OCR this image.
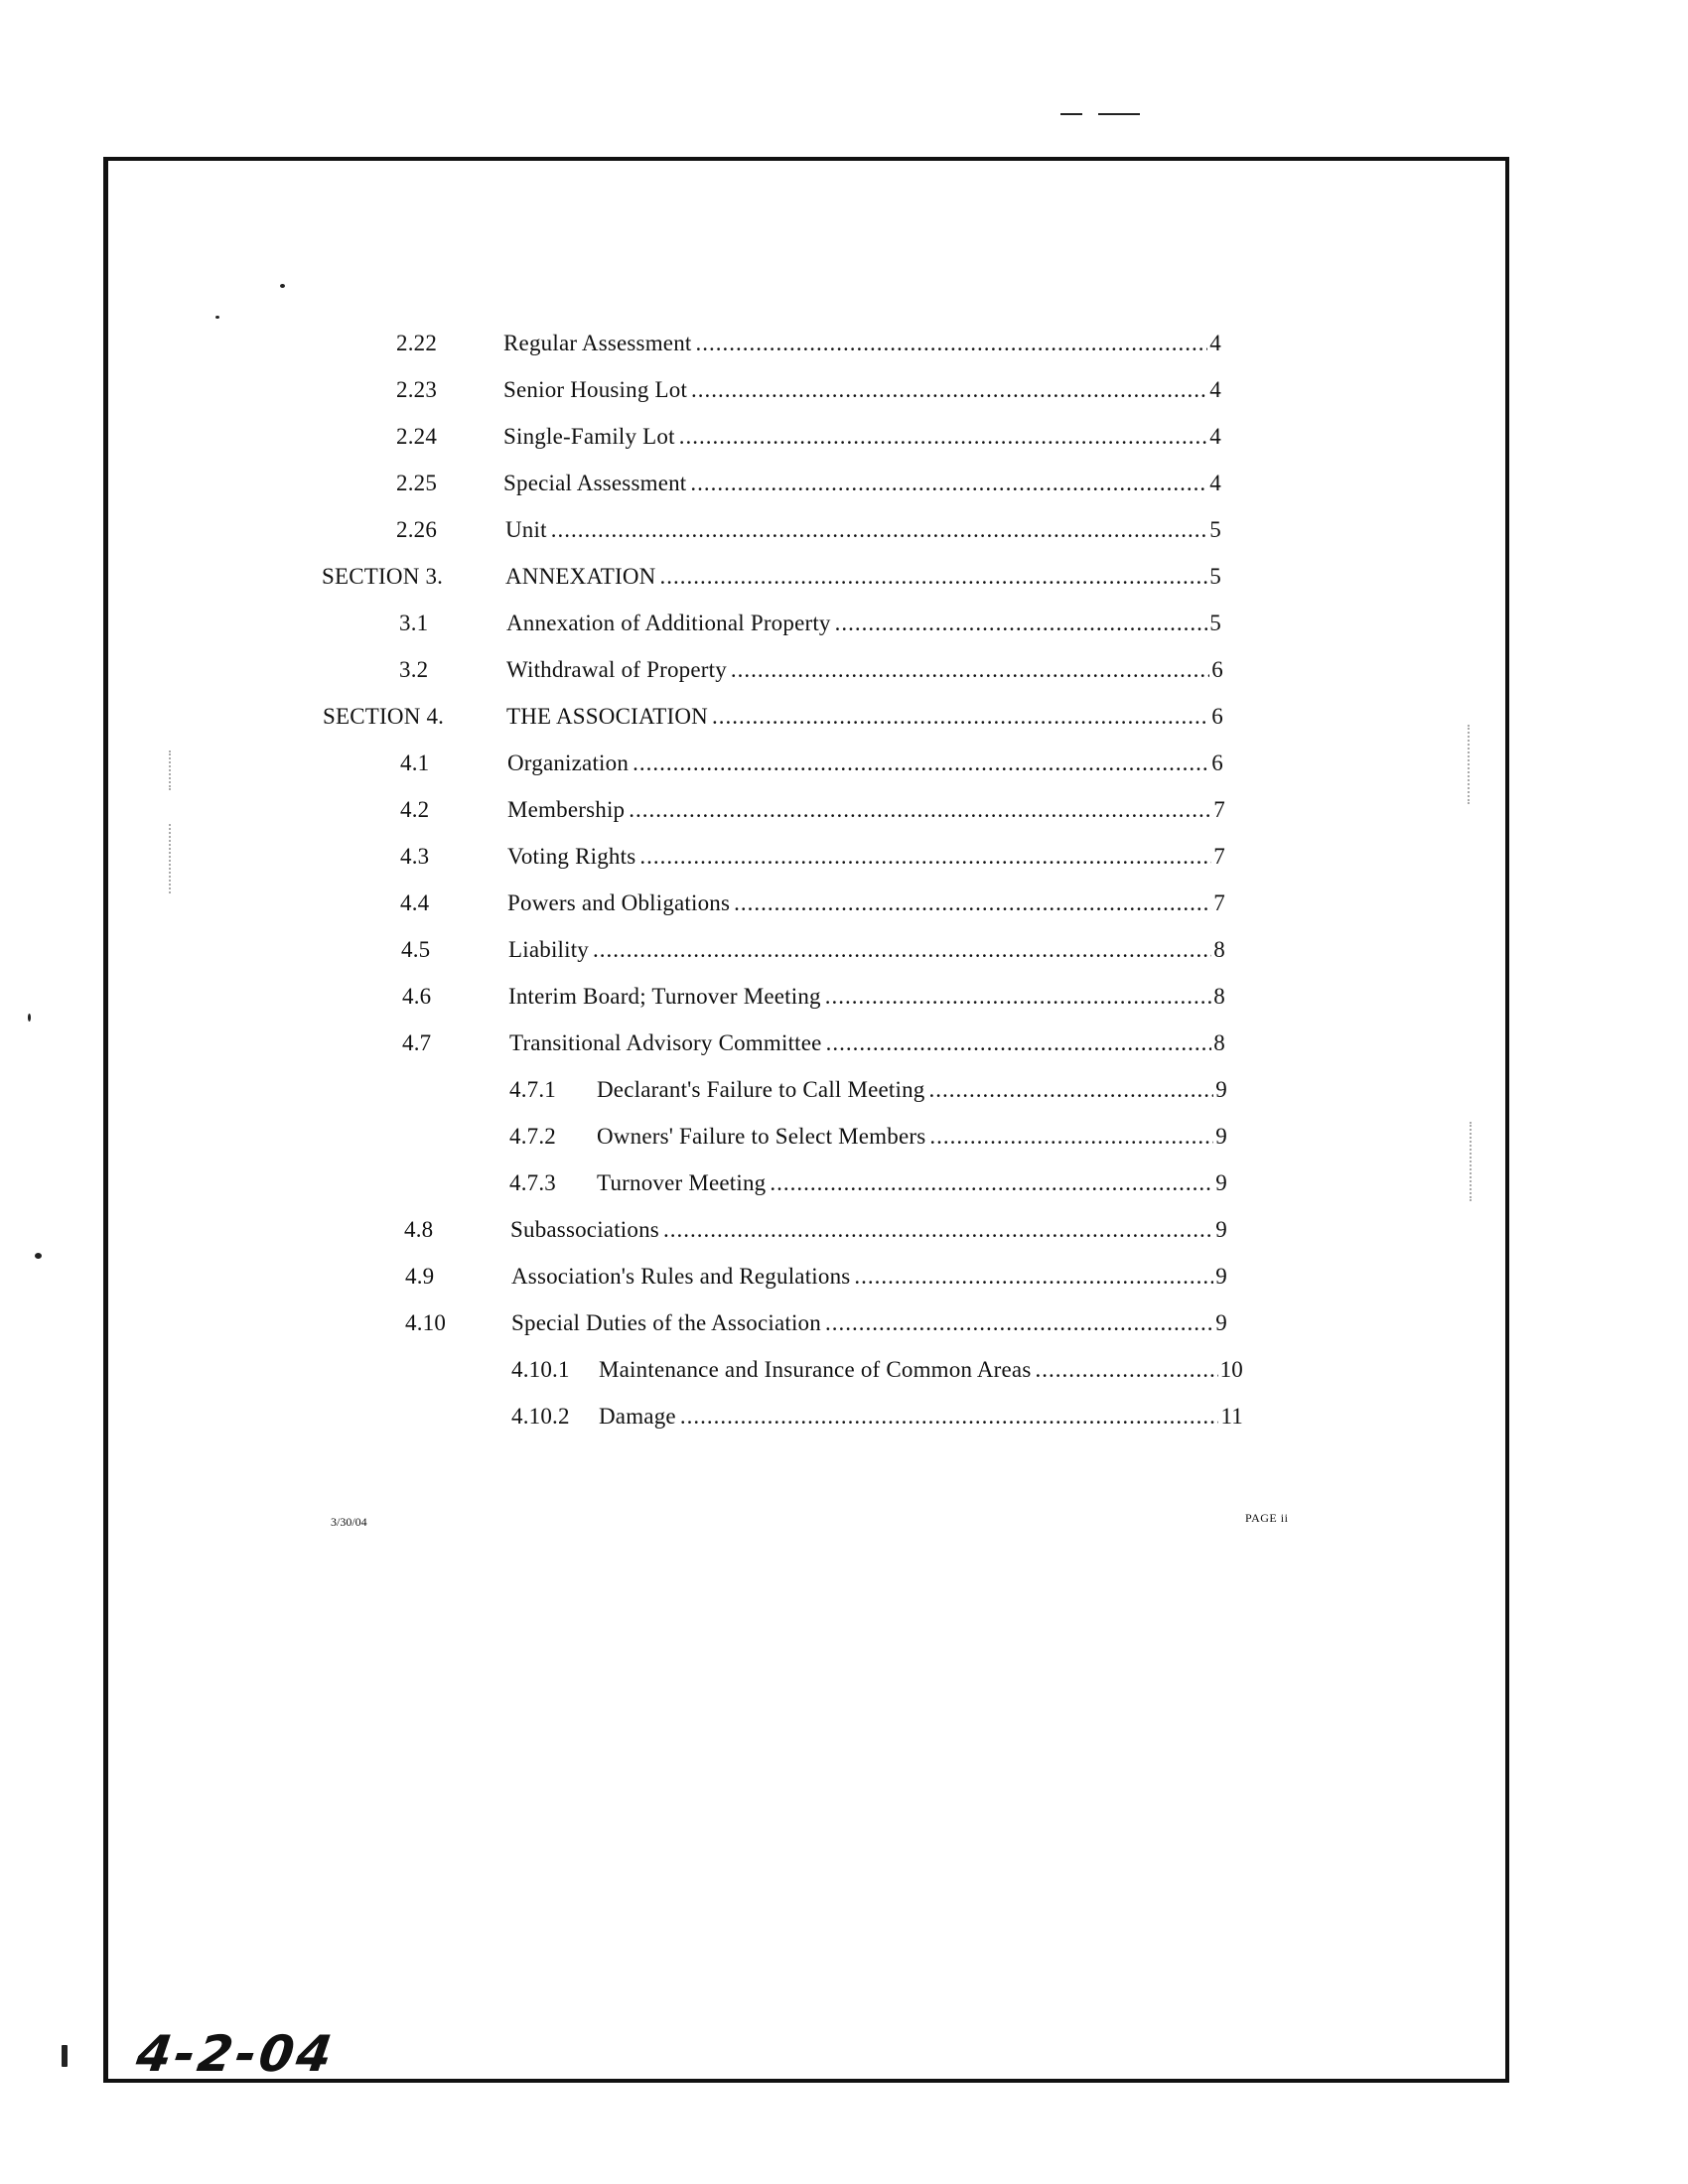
2.22	Regular Assessment .....	4
2.23	Senior Housing Lot .....	4
2.24	Single-Family Lot .....	4
2.25	Special Assessment .....	4
2.26	Unit .....	5
SECTION 3.	ANNEXATION .....	5
3.1	Annexation of Additional Property .....	5
3.2	Withdrawal of Property .....	6
SECTION 4.	THE ASSOCIATION .....	6
4.1	Organization .....	6
4.2	Membership .....	7
4.3	Voting Rights .....	7
4.4	Powers and Obligations .....	7
4.5	Liability .....	8
4.6	Interim Board; Turnover Meeting .....	8
4.7	Transitional Advisory Committee .....	8
4.7.1 Declarant's Failure to Call Meeting .....	9
4.7.2 Owners' Failure to Select Members .....	9
4.7.3 Turnover Meeting .....	9
4.8	Subassociations .....	9
4.9	Association's Rules and Regulations .....	9
4.10	Special Duties of the Association .....	9
4.10.1 Maintenance and Insurance of Common Areas .....	10
4.10.2 Damage .....	11
3/30/04	PAGE ii
4-2-04
